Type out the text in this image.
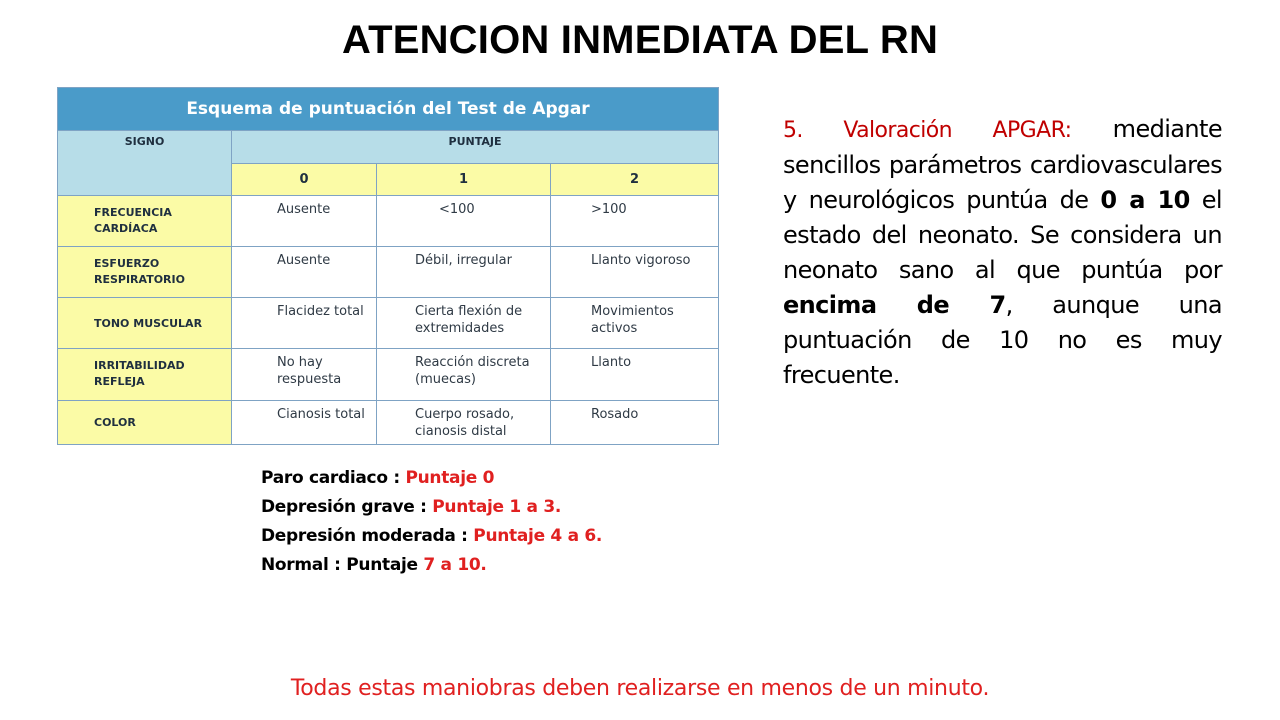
ATENCION INMEDIATA DEL RN
Esquema de puntuación del Test de Apgar			
SIGNO	PUNTAJE		
	0	1	2
FRECUENCIA CARDÍACA	Ausente	<100	>100
ESFUERZO RESPIRATORIO	Ausente	Débil, irregular	Llanto vigoroso
TONO MUSCULAR	Flacidez total	Cierta flexión de extremidades	Movimientos activos
IRRITABILIDAD REFLEJA	No hay respuesta	Reacción discreta (muecas)	Llanto
COLOR	Cianosis total	Cuerpo rosado, cianosis distal	Rosado
5. Valoración APGAR: mediante sencillos parámetros cardiovasculares y neurológicos puntúa de 0 a 10 el estado del neonato. Se considera un neonato sano al que puntúa por encima de 7, aunque una puntuación de 10 no es muy frecuente.
Paro cardiaco : Puntaje 0
Depresión grave : Puntaje 1 a 3.
Depresión moderada : Puntaje 4 a 6.
Normal : Puntaje 7 a 10.
Todas estas maniobras deben realizarse en menos de un minuto.
